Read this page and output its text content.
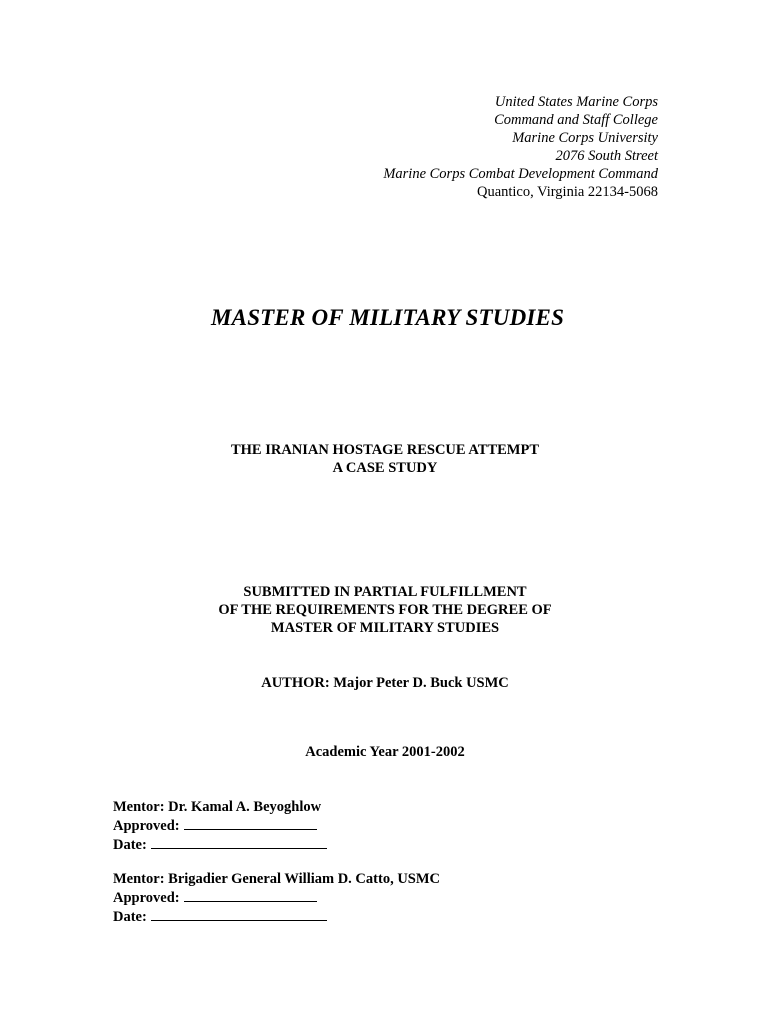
United States Marine Corps
Command and Staff College
Marine Corps University
2076 South Street
Marine Corps Combat Development Command
Quantico, Virginia 22134-5068
MASTER OF MILITARY STUDIES
THE IRANIAN HOSTAGE RESCUE ATTEMPT
A CASE STUDY
SUBMITTED IN PARTIAL FULFILLMENT
OF THE REQUIREMENTS FOR THE DEGREE OF
MASTER OF MILITARY STUDIES
AUTHOR: Major Peter D. Buck USMC
Academic Year 2001-2002
Mentor: Dr. Kamal A. Beyoghlow
Approved:
Date:
Mentor: Brigadier General William D. Catto, USMC
Approved:
Date:
